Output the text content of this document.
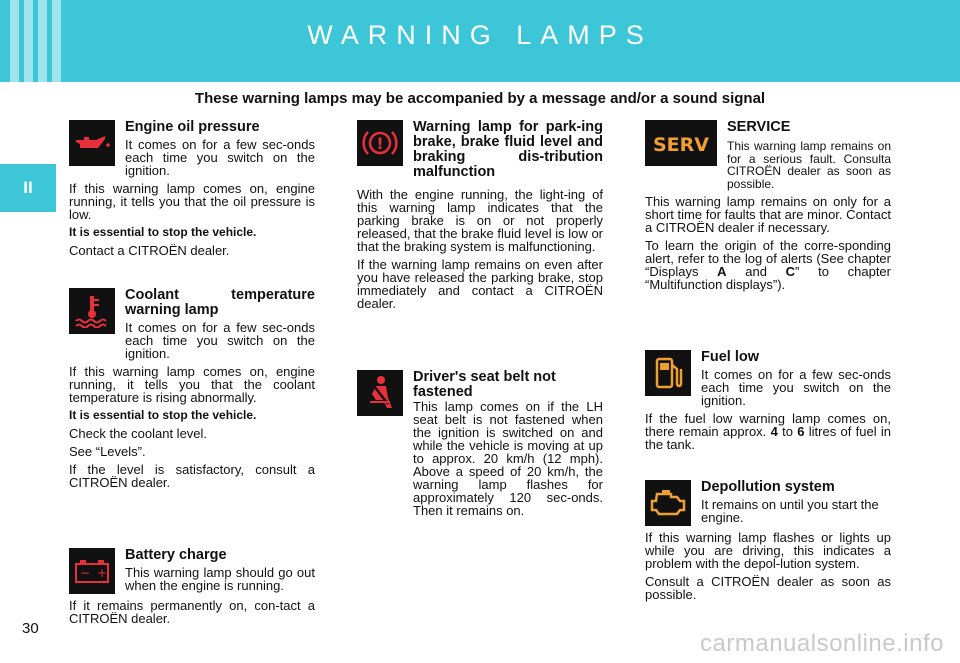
WARNING LAMPS
II
These warning lamps may be accompanied by a message and/or a sound signal
Engine oil pressure

It comes on for a few sec-onds each time you switch on the ignition.

If this warning lamp comes on, engine running, it tells you that the oil pressure is low.

It is essential to stop the vehicle.

Contact a CITROËN dealer.

Coolant temperature warning lamp

It comes on for a few sec-onds each time you switch on the ignition.

If this warning lamp comes on, engine running, it tells you that the coolant temperature is rising abnormally.

It is essential to stop the vehicle.

Check the coolant level.

See “Levels”.

If the level is satisfactory, consult a CITROËN dealer.

− +
Battery charge

This warning lamp should go out when the engine is running.

If it remains permanently on, con-tact a CITROËN dealer.

!
Warning lamp for park-ing brake, brake fluid level and braking dis-tribution malfunction

With the engine running, the light-ing of this warning lamp indicates that the parking brake is on or not properly released, that the brake fluid level is low or that the braking system is malfunctioning.

If the warning lamp remains on even after you have released the parking brake, stop immediately and contact a CITROËN dealer.

Driver's seat belt not fastened

This lamp comes on if the LH seat belt is not fastened when the ignition is switched on and while the vehicle is moving at up to approx. 20 km/h (12 mph). Above a speed of 20 km/h, the warning lamp flashes for approximately 120 sec-onds. Then it remains on.

SERV
SERVICE

This warning lamp remains on for a serious fault. Consulta CITROËN dealer as soon as possible.

This warning lamp remains on only for a short time for faults that are minor. Contact a CITROËN dealer if necessary.

To learn the origin of the corre-sponding alert, refer to the log of alerts (See chapter “Displays A and C” to chapter “Multifunction displays”).

Fuel low

It comes on for a few sec-onds each time you switch on the ignition.

If the fuel low warning lamp comes on, there remain approx. 4 to 6 litres of fuel in the tank.

Depollution system

It remains on until you start the engine.

If this warning lamp flashes or lights up while you are driving, this indicates a problem with the depol-lution system.

Consult a CITROËN dealer as soon as possible.

30
carmanualsonline.info
